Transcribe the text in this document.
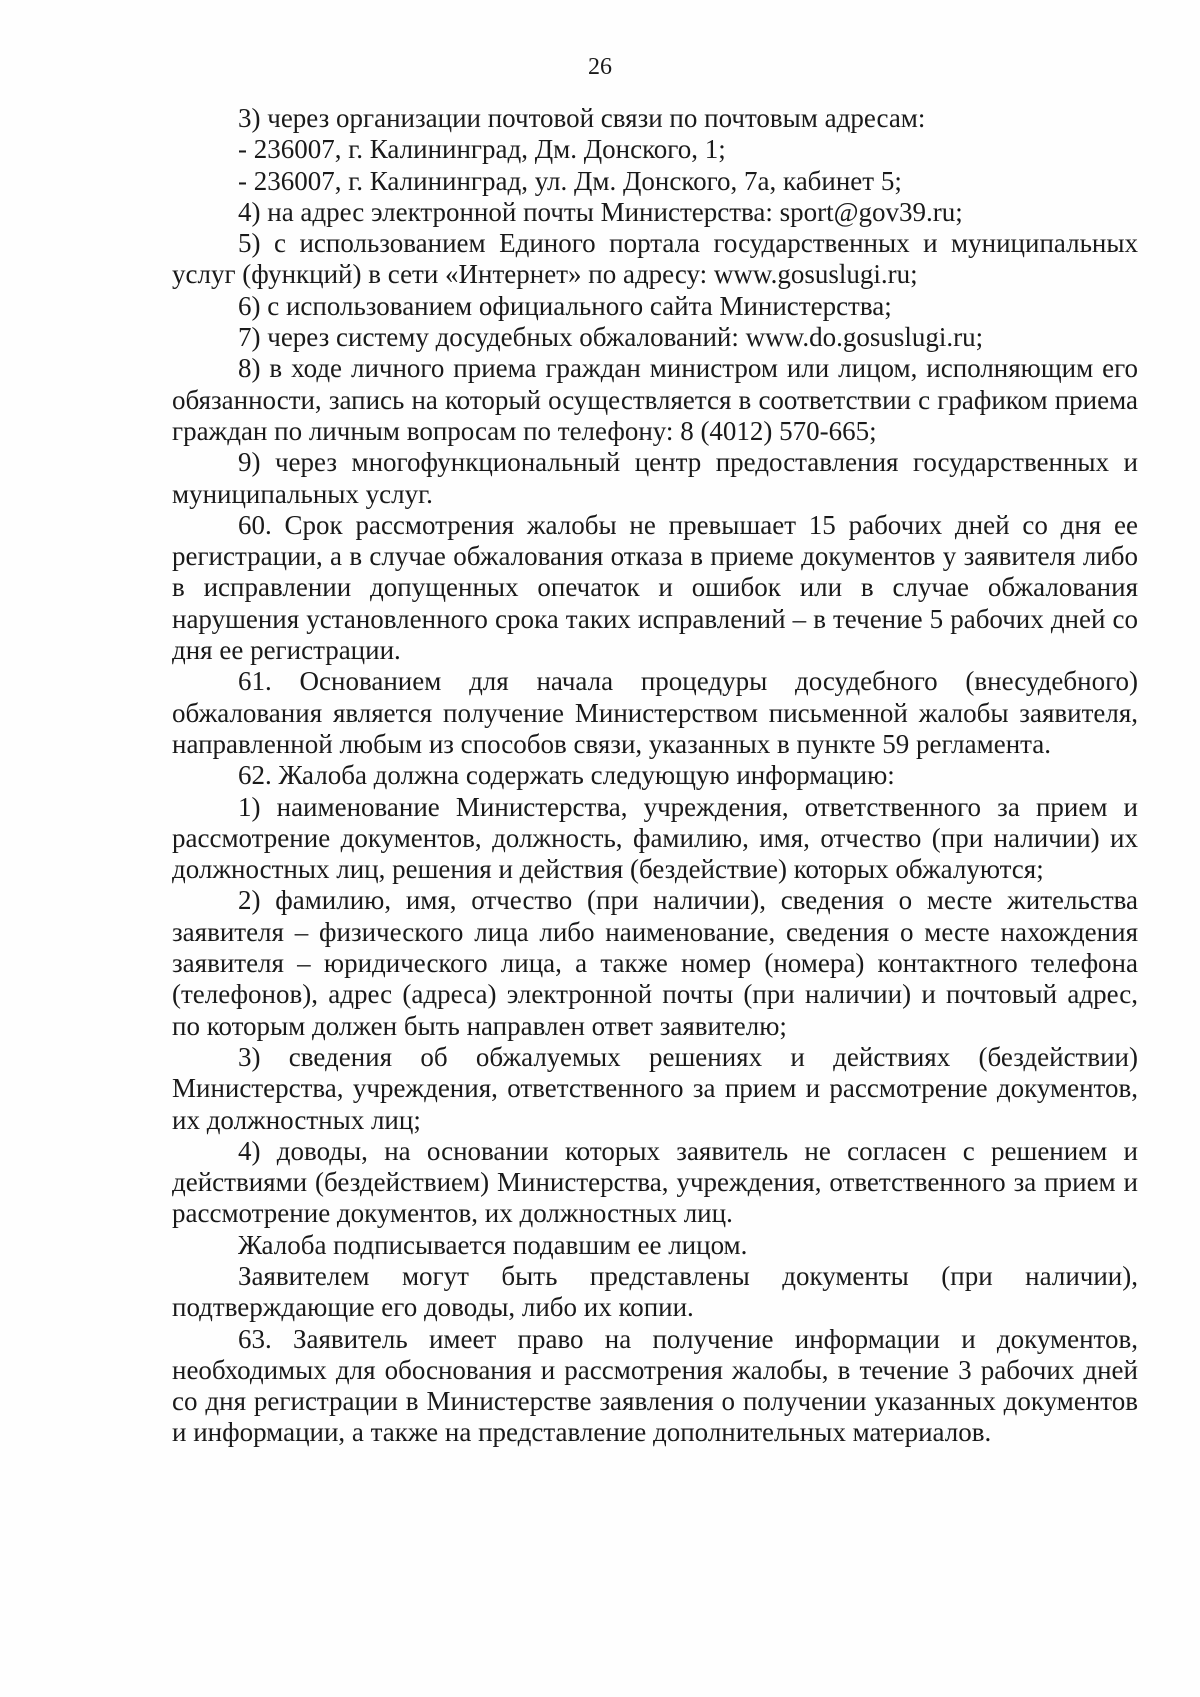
26

3) через организации почтовой связи по почтовым адресам:

- 236007, г. Калининград, Дм. Донского, 1;

- 236007, г. Калининград, ул. Дм. Донского, 7а, кабинет 5;

4) на адрес электронной почты Министерства: sport@gov39.ru;

5) с использованием Единого портала государственных и муниципальных услуг (функций) в сети «Интернет» по адресу: www.gosuslugi.ru;

6) с использованием официального сайта Министерства;

7) через систему досудебных обжалований: www.do.gosuslugi.ru;

8) в ходе личного приема граждан министром или лицом, исполняющим его обязанности, запись на который осуществляется в соответствии с графиком приема граждан по личным вопросам по телефону: 8 (4012) 570-665;

9) через многофункциональный центр предоставления государственных и муниципальных услуг.

60. Срок рассмотрения жалобы не превышает 15 рабочих дней со дня ее регистрации, а в случае обжалования отказа в приеме документов у заявителя либо в исправлении допущенных опечаток и ошибок или в случае обжалования нарушения установленного срока таких исправлений – в течение 5 рабочих дней со дня ее регистрации.

61. Основанием для начала процедуры досудебного (внесудебного) обжалования является получение Министерством письменной жалобы заявителя, направленной любым из способов связи, указанных в пункте 59 регламента.

62. Жалоба должна содержать следующую информацию:

1) наименование Министерства, учреждения, ответственного за прием и рассмотрение документов, должность, фамилию, имя, отчество (при наличии) их должностных лиц, решения и действия (бездействие) которых обжалуются;

2) фамилию, имя, отчество (при наличии), сведения о месте жительства заявителя – физического лица либо наименование, сведения о месте нахождения заявителя – юридического лица, а также номер (номера) контактного телефона (телефонов), адрес (адреса) электронной почты (при наличии) и почтовый адрес, по которым должен быть направлен ответ заявителю;

3) сведения об обжалуемых решениях и действиях (бездействии) Министерства, учреждения, ответственного за прием и рассмотрение документов, их должностных лиц;

4) доводы, на основании которых заявитель не согласен с решением и действиями (бездействием) Министерства, учреждения, ответственного за прием и рассмотрение документов, их должностных лиц.

Жалоба подписывается подавшим ее лицом.

Заявителем могут быть представлены документы (при наличии), подтверждающие его доводы, либо их копии.

63. Заявитель имеет право на получение информации и документов, необходимых для обоснования и рассмотрения жалобы, в течение 3 рабочих дней со дня регистрации в Министерстве заявления о получении указанных документов и информации, а также на представление дополнительных материалов.
